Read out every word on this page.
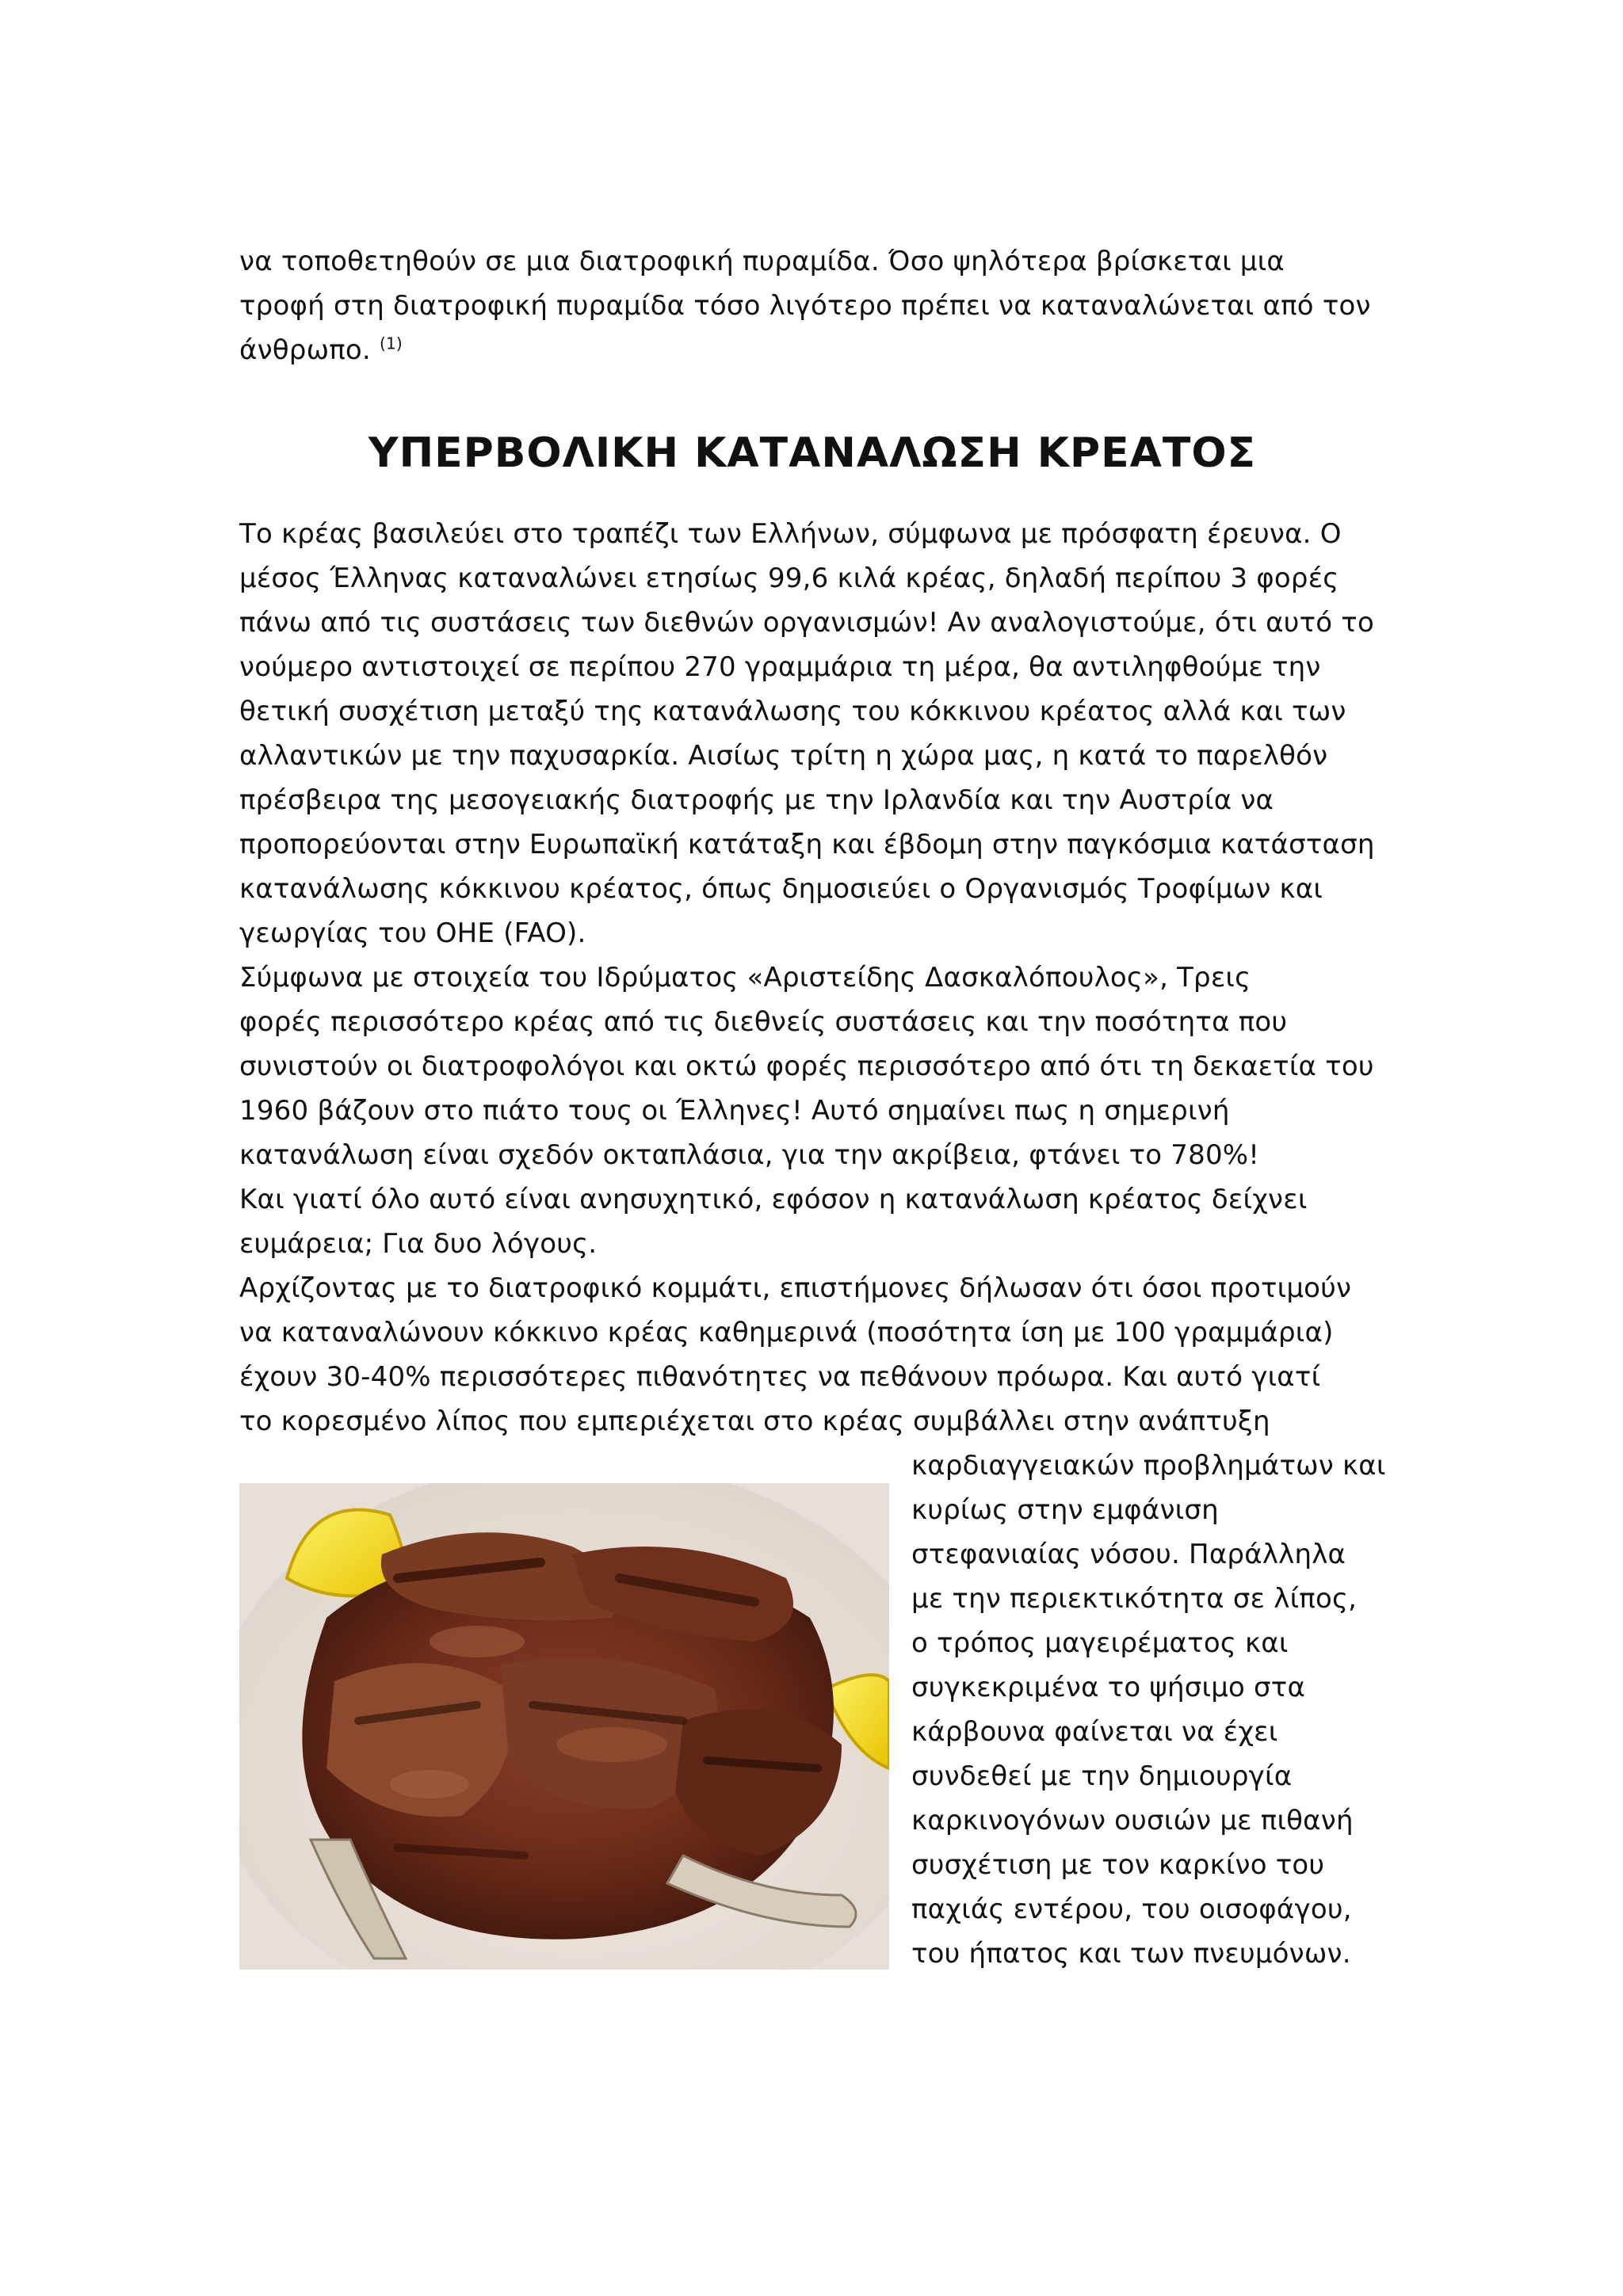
να τοποθετηθούν σε μια διατροφική πυραμίδα. Όσο ψηλότερα βρίσκεται μια
τροφή στη διατροφική πυραμίδα τόσο λιγότερο πρέπει να καταναλώνεται από τον
άνθρωπο. $^{(1)}$
ΥΠΕΡΒΟΛΙΚΗ ΚΑΤΑΝΑΛΩΣΗ ΚΡΕΑΤΟΣ
Το κρέας βασιλεύει στο τραπέζι των Ελλήνων, σύμφωνα με πρόσφατη έρευνα. Ο
μέσος Έλληνας καταναλώνει ετησίως 99,6 κιλά κρέας, δηλαδή περίπου 3 φορές
πάνω από τις συστάσεις των διεθνών οργανισμών! Αν αναλογιστούμε, ότι αυτό το
νούμερο αντιστοιχεί σε περίπου 270 γραμμάρια τη μέρα, θα αντιληφθούμε την
θετική συσχέτιση μεταξύ της κατανάλωσης του κόκκινου κρέατος αλλά και των
αλλαντικών με την παχυσαρκία. Αισίως τρίτη η χώρα μας, η κατά το παρελθόν
πρέσβειρα της μεσογειακής διατροφής με την Ιρλανδία και την Αυστρία να
προπορεύονται στην Ευρωπαϊκή κατάταξη και έβδομη στην παγκόσμια κατάσταση
κατανάλωσης κόκκινου κρέατος, όπως δημοσιεύει ο Οργανισμός Τροφίμων και
γεωργίας του ΟΗΕ (FAO).
Σύμφωνα με στοιχεία του Ιδρύματος «Αριστείδης Δασκαλόπουλος», Τρεις
φορές περισσότερο κρέας από τις διεθνείς συστάσεις και την ποσότητα που
συνιστούν οι διατροφολόγοι και οκτώ φορές περισσότερο από ότι τη δεκαετία του
1960 βάζουν στο πιάτο τους οι Έλληνες! Αυτό σημαίνει πως η σημερινή
κατανάλωση είναι σχεδόν οκταπλάσια, για την ακρίβεια, φτάνει το 780%!
Και γιατί όλο αυτό είναι ανησυχητικό, εφόσον η κατανάλωση κρέατος δείχνει
ευμάρεια; Για δυο λόγους.
Αρχίζοντας με το διατροφικό κομμάτι, επιστήμονες δήλωσαν ότι όσοι προτιμούν
να καταναλώνουν κόκκινο κρέας καθημερινά (ποσότητα ίση με 100 γραμμάρια)
έχουν 30-40% περισσότερες πιθανότητες να πεθάνουν πρόωρα. Και αυτό γιατί
το κορεσμένο λίπος που εμπεριέχεται στο κρέας συμβάλλει στην ανάπτυξη
καρδιαγγειακών προβλημάτων και
κυρίως στην εμφάνιση
στεφανιαίας νόσου. Παράλληλα
με την περιεκτικότητα σε λίπος,
ο τρόπος μαγειρέματος και
συγκεκριμένα το ψήσιμο στα
κάρβουνα φαίνεται να έχει
συνδεθεί με την δημιουργία
καρκινογόνων ουσιών με πιθανή
συσχέτιση με τον καρκίνο του
παχιάς εντέρου, του οισοφάγου,
του ήπατος και των πνευμόνων.
